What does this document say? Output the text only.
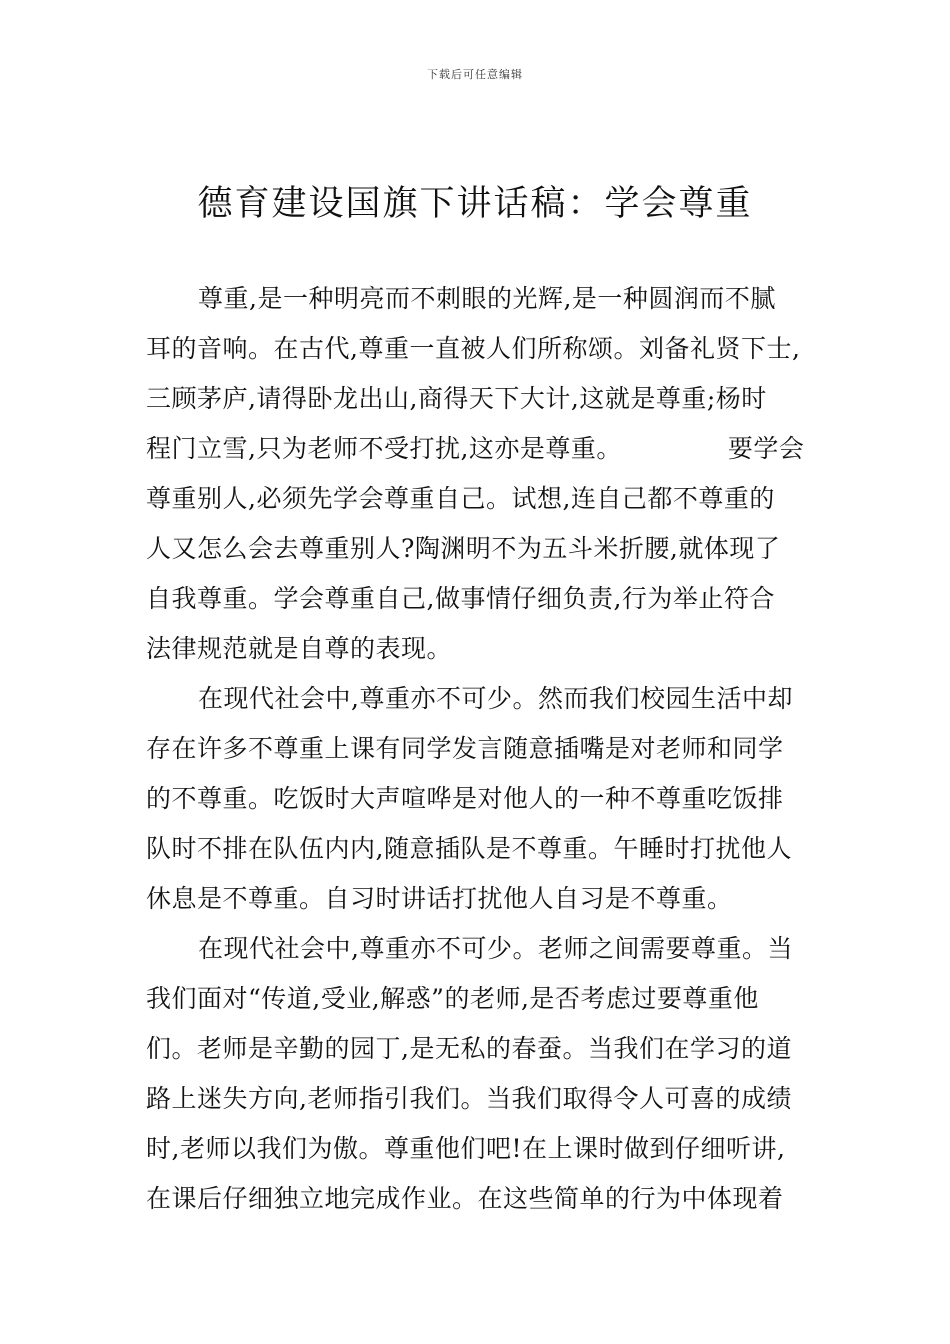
下载后可任意编辑
德育建设国旗下讲话稿：学会尊重
尊重,是一种明亮而不刺眼的光辉,是一种圆润而不腻
耳的音响。在古代,尊重一直被人们所称颂。刘备礼贤下士,
三顾茅庐,请得卧龙出山,商得天下大计,这就是尊重;杨时
程门立雪,只为老师不受打扰,这亦是尊重。	要学会
尊重别人,必须先学会尊重自己。试想,连自己都不尊重的
人又怎么会去尊重别人?陶渊明不为五斗米折腰,就体现了
自我尊重。学会尊重自己,做事情仔细负责,行为举止符合
法律规范就是自尊的表现。
在现代社会中,尊重亦不可少。然而我们校园生活中却
存在许多不尊重上课有同学发言随意插嘴是对老师和同学
的不尊重。吃饭时大声喧哗是对他人的一种不尊重吃饭排
队时不排在队伍内内,随意插队是不尊重。午睡时打扰他人
休息是不尊重。自习时讲话打扰他人自习是不尊重。
在现代社会中,尊重亦不可少。老师之间需要尊重。当
我们面对“传道,受业,解惑”的老师,是否考虑过要尊重他
们。老师是辛勤的园丁,是无私的春蚕。当我们在学习的道
路上迷失方向,老师指引我们。当我们取得令人可喜的成绩
时,老师以我们为傲。尊重他们吧!在上课时做到仔细听讲,
在课后仔细独立地完成作业。在这些简单的行为中体现着
